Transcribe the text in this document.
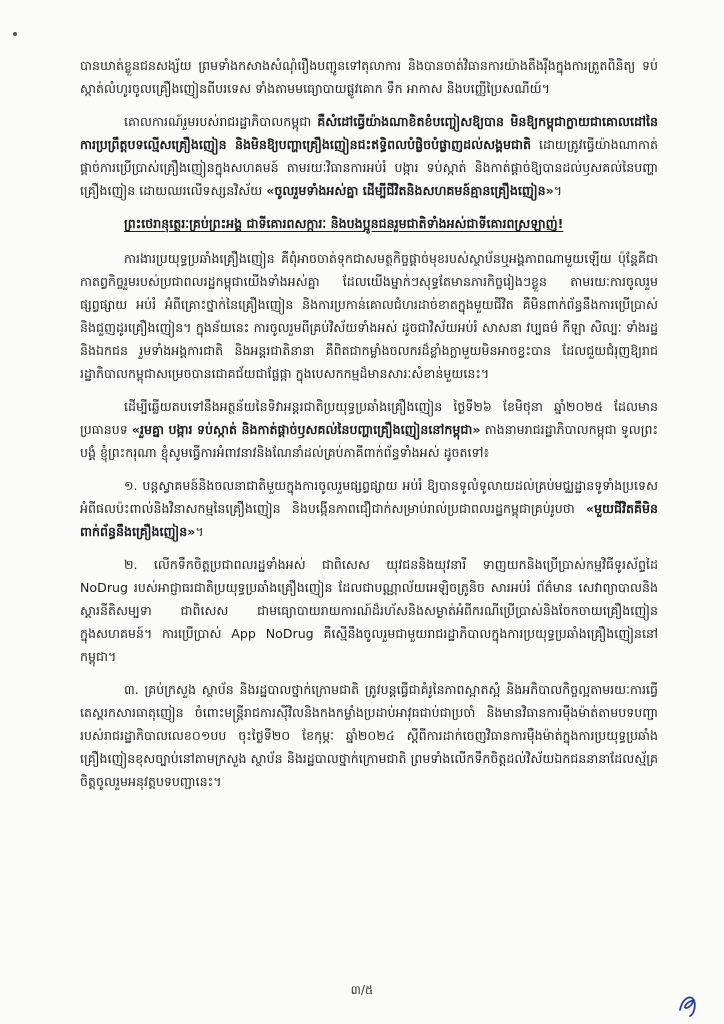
បានឃាត់ខ្លួនជនសង្ស័យ ព្រមទាំងកសាងសំណុំរឿងបញ្ជូនទៅតុលាការ និងបានចាត់វិធានការយ៉ាងតឹងរ៉ឹងក្នុងការត្រួតពិនិត្យ ទប់ស្កាត់លំហូរចូលគ្រឿងញៀនពីបរទេស ទាំងតាមមធ្យោបាយផ្លូវគោក ទឹក អាកាស និងបញ្ញើប្រៃសណីយ៍។

គោលការណ៍រួមរបស់រាជរដ្ឋាភិបាលកម្ពុជា គឺសំដៅធ្វើយ៉ាងណាខិតខំបញ្ចៀសឱ្យបាន មិនឱ្យកម្ពុជាក្លាយជាគោលដៅនៃការប្រព្រឹត្តបទល្មើសគ្រឿងញៀន និងមិនឱ្យបញ្ហាគ្រឿងញៀនជះឥទ្ធិពលបំផ្លិចបំផ្លាញដល់សង្គមជាតិ ដោយត្រូវធ្វើយ៉ាងណាកាត់ផ្តាច់ការប្រើប្រាស់គ្រឿងញៀនក្នុងសហគមន៍ តាមរយៈវិធានការអប់រំ បង្ការ ទប់ស្កាត់ និងកាត់ផ្តាច់ឱ្យបានដល់ឫសគល់នៃបញ្ហាគ្រឿងញៀន ដោយឈរលើទស្សនវិស័យ «ចូលរួមទាំងអស់គ្នា ដើម្បីជីវិតនិងសហគមន៍គ្មានគ្រឿងញៀន»។

ព្រះថេរានុត្ថេរៈគ្រប់ព្រះអង្គ ជាទីគោរពសក្ការៈ និងបងប្អូនជនរួមជាតិទាំងអស់ជាទីគោរពស្រឡាញ់!

ការងារប្រយុទ្ធប្រឆាំងគ្រឿងញៀន គឺពុំអាចចាត់ទុកជាសមត្ថកិច្ចផ្តាច់មុខរបស់ស្ថាប័នឬអង្គភាពណាមួយឡើយ ប៉ុន្តែគឺជាកាតព្វកិច្ចរួមរបស់ប្រជាពលរដ្ឋកម្ពុជាយើងទាំងអស់គ្នា ដែលយើងម្នាក់ៗសុទ្ធតែមានភារកិច្ចរៀងៗខ្លួន តាមរយៈការចូលរួមផ្សព្វផ្សាយ អប់រំ អំពីគ្រោះថ្នាក់នៃគ្រឿងញៀន និងការប្រកាន់គោលជំហរដាច់ខាតក្នុងមួយជីវិត គឺមិនពាក់ព័ន្ធនឹងការប្រើប្រាស់និងជួញដូរគ្រឿងញៀន។ ក្នុងន័យនេះ ការចូលរួមពីគ្រប់វិស័យទាំងអស់ ដូចជាវិស័យអប់រំ សាសនា វប្បធម៌ កីឡា សិល្បៈ ទាំងរដ្ឋនិងឯកជន រួមទាំងអង្គការជាតិ និងអន្តរជាតិនានា គឺពិតជាកម្លាំងចលករដ៏ខ្លាំងក្លាមួយមិនអាចខ្វះបាន ដែលជួយជំរុញឱ្យរាជរដ្ឋាភិបាលកម្ពុជាសម្រេចបានជោគជ័យជាផ្លែផ្កា ក្នុងបេសកកម្មដ៏មានសារៈសំខាន់មួយនេះ។

ដើម្បីឆ្លើយតបទៅនឹងអត្ថន័យនៃទិវាអន្តរជាតិប្រយុទ្ធប្រឆាំងគ្រឿងញៀន ថ្ងៃទី២៦ ខែមិថុនា ឆ្នាំ២០២៥ ដែលមានប្រធានបទ «រួមគ្នា បង្ការ ទប់ស្កាត់ និងកាត់ផ្តាច់ឫសគល់នៃបញ្ហាគ្រឿងញៀននៅកម្ពុជា» តាងនាមរាជរដ្ឋាភិបាលកម្ពុជា ទូលព្រះបង្គំ ខ្ញុំព្រះករុណា ខ្ញុំសូមធ្វើការអំពាវនាវនិងណែនាំដល់គ្រប់ភាគីពាក់ព័ន្ធទាំងអស់ ដូចតទៅ៖

១. បន្តស្វាគមន៍និងចលនាជាតិមួយក្នុងការចូលរួមផ្សព្វផ្សាយ អប់រំ ឱ្យបានទូលំទូលាយដល់គ្រប់មជ្ឈដ្ឋានទូទាំងប្រទេស អំពីផលប៉ះពាល់និងវិនាសកម្មនៃគ្រឿងញៀន និងបង្កើនភាពជឿជាក់សម្រាប់រាល់ប្រជាពលរដ្ឋកម្ពុជាគ្រប់រូបថា «មួយជីវិតគឺមិនពាក់ព័ន្ធនឹងគ្រឿងញៀន»។

២. លើកទឹកចិត្តប្រជាពលរដ្ឋទាំងអស់ ជាពិសេស យុវជននិងយុវនារី ទាញយកនិងប្រើប្រាស់កម្មវិធីទូរស័ព្ទដៃ NoDrug របស់អាជ្ញាធរជាតិប្រយុទ្ធប្រឆាំងគ្រឿងញៀន ដែលជាបណ្ណាល័យអេឡិចត្រូនិច សារអប់រំ ព័ត៌មាន សេវាព្យាបាលនិងស្តារនីតិសម្បទា ជាពិសេស ជាមធ្យោបាយរាយការណ៍ដ៏រហ័សនិងសម្ងាត់អំពីករណីប្រើប្រាស់និងចែកចាយគ្រឿងញៀនក្នុងសហគមន៍។ ការប្រើប្រាស់ App NoDrug គឺស្មើនឹងចូលរួមជាមួយរាជរដ្ឋាភិបាលក្នុងការប្រយុទ្ធប្រឆាំងគ្រឿងញៀននៅកម្ពុជា។

៣. គ្រប់ក្រសួង ស្ថាប័ន និងរដ្ឋបាលថ្នាក់ក្រោមជាតិ ត្រូវបន្តធ្វើជាគំរូនៃភាពស្អាតស្អំ និងអភិបាលកិច្ចល្អតាមរយៈការធ្វើតេស្តរកសារធាតុញៀន ចំពោះមន្ត្រីរាជការស៊ីវិលនិងកងកម្លាំងប្រដាប់អាវុធជាប់ជាប្រចាំ និងមានវិធានការម៉ឺងម៉ាត់តាមបទបញ្ជារបស់រាជរដ្ឋាភិបាលលេខ០១បប ចុះថ្ងៃទី២០ ខែកុម្ភៈ ឆ្នាំ២០២៤ ស្តីពីការដាក់ចេញវិធានការម៉ឺងម៉ាត់ក្នុងការប្រយុទ្ធប្រឆាំងគ្រឿងញៀនខុសច្បាប់នៅតាមក្រសួង ស្ថាប័ន និងរដ្ឋបាលថ្នាក់ក្រោមជាតិ ព្រមទាំងលើកទឹកចិត្តដល់វិស័យឯកជននានាដែលស្ម័គ្រចិត្តចូលរួមអនុវត្តបទបញ្ជានេះ។

៣/៥
